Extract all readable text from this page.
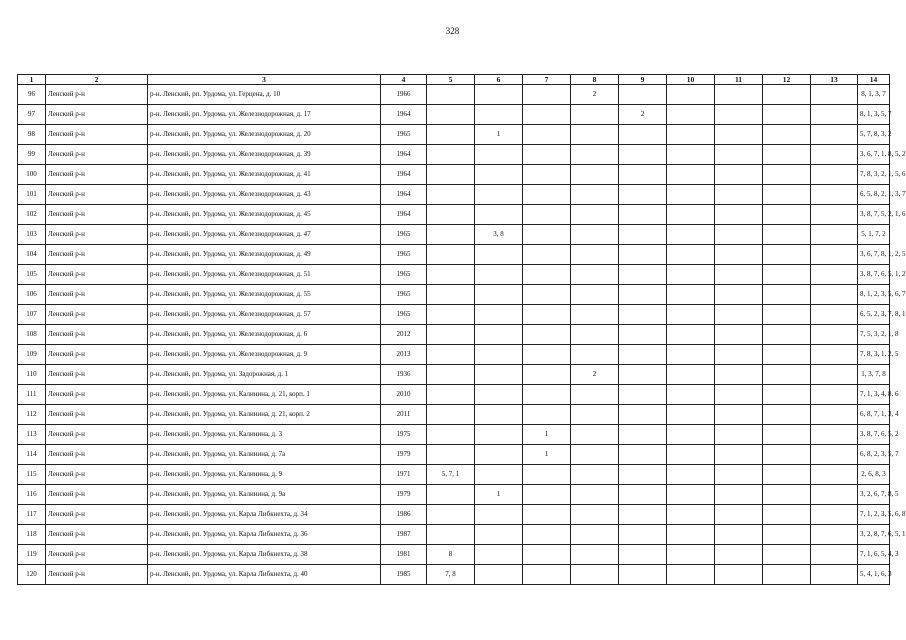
328
1	2	3	4	5	6	7	8	9	10	11	12	13	14
96	Ленский р-н	р-н. Ленский, рп. Урдома, ул. Герцена, д. 10	1966				2						8, 1, 3, 7
97	Ленский р-н	р-н. Ленский, рп. Урдома, ул. Железнодорожная, д. 17	1964					2					8, 1, 3, 5, 7
98	Ленский р-н	р-н. Ленский, рп. Урдома, ул. Железнодорожная, д. 20	1965		1								5, 7, 8, 3, 2
99	Ленский р-н	р-н. Ленский, рп. Урдома, ул. Железнодорожная, д. 39	1964										3, 6, 7, 1, 8, 5, 2
100	Ленский р-н	р-н. Ленский, рп. Урдома, ул. Железнодорожная, д. 41	1964										7, 8, 3, 2, 1, 5, 6
101	Ленский р-н	р-н. Ленский, рп. Урдома, ул. Железнодорожная, д. 43	1964										6, 5, 8, 2, 1, 3, 7
102	Ленский р-н	р-н. Ленский, рп. Урдома, ул. Железнодорожная, д. 45	1964										3, 8, 7, 5, 2, 1, 6
103	Ленский р-н	р-н. Ленский, рп. Урдома, ул. Железнодорожная, д. 47	1965		3, 8								5, 1, 7, 2
104	Ленский р-н	р-н. Ленский, рп. Урдома, ул. Железнодорожная, д. 49	1965										3, 6, 7, 8, 1, 2, 5
105	Ленский р-н	р-н. Ленский, рп. Урдома, ул. Железнодорожная, д. 51	1965										3, 8, 7, 6, 5, 1, 2
106	Ленский р-н	р-н. Ленский, рп. Урдома, ул. Железнодорожная, д. 55	1965										8, 1, 2, 3, 5, 6, 7
107	Ленский р-н	р-н. Ленский, рп. Урдома, ул. Железнодорожная, д. 57	1965										6, 5, 2, 3, 7, 8, 1
108	Ленский р-н	р-н. Ленский, рп. Урдома, ул. Железнодорожная, д. 6	2012										7, 5, 3, 2, 1, 8
109	Ленский р-н	р-н. Ленский, рп. Урдома, ул. Железнодорожная, д. 9	2013										7, 8, 3, 1, 2, 5
110	Ленский р-н	р-н. Ленский, рп. Урдома, ул. Задорожная, д. 1	1936				2						1, 3, 7, 8
111	Ленский р-н	р-н. Ленский, рп. Урдома, ул. Калинина, д. 21, корп. 1	2010										7, 1, 3, 4, 8, 6
112	Ленский р-н	р-н. Ленский, рп. Урдома, ул. Калинина, д. 21, корп. 2	2011										6, 8, 7, 1, 3, 4
113	Ленский р-н	р-н. Ленский, рп. Урдома, ул. Калинина, д. 3	1975			1							3, 8, 7, 6, 5, 2
114	Ленский р-н	р-н. Ленский, рп. Урдома, ул. Калинина, д. 7а	1979			1							6, 8, 2, 3, 5, 7
115	Ленский р-н	р-н. Ленский, рп. Урдома, ул. Калинина, д. 9	1971	5, 7, 1									2, 6, 8, 3
116	Ленский р-н	р-н. Ленский, рп. Урдома, ул. Калинина, д. 9а	1979		1								3, 2, 6, 7, 8, 5
117	Ленский р-н	р-н. Ленский, рп. Урдома, ул. Карла Либкнехта, д. 34	1986										7, 1, 2, 3, 5, 6, 8
118	Ленский р-н	р-н. Ленский, рп. Урдома, ул. Карла Либкнехта, д. 36	1987										3, 2, 8, 7, 6, 5, 1
119	Ленский р-н	р-н. Ленский, рп. Урдома, ул. Карла Либкнехта, д. 38	1981	8									7, 1, 6, 5, 4, 3
120	Ленский р-н	р-н. Ленский, рп. Урдома, ул. Карла Либкнехта, д. 40	1985	7, 8									5, 4, 1, 6, 3
